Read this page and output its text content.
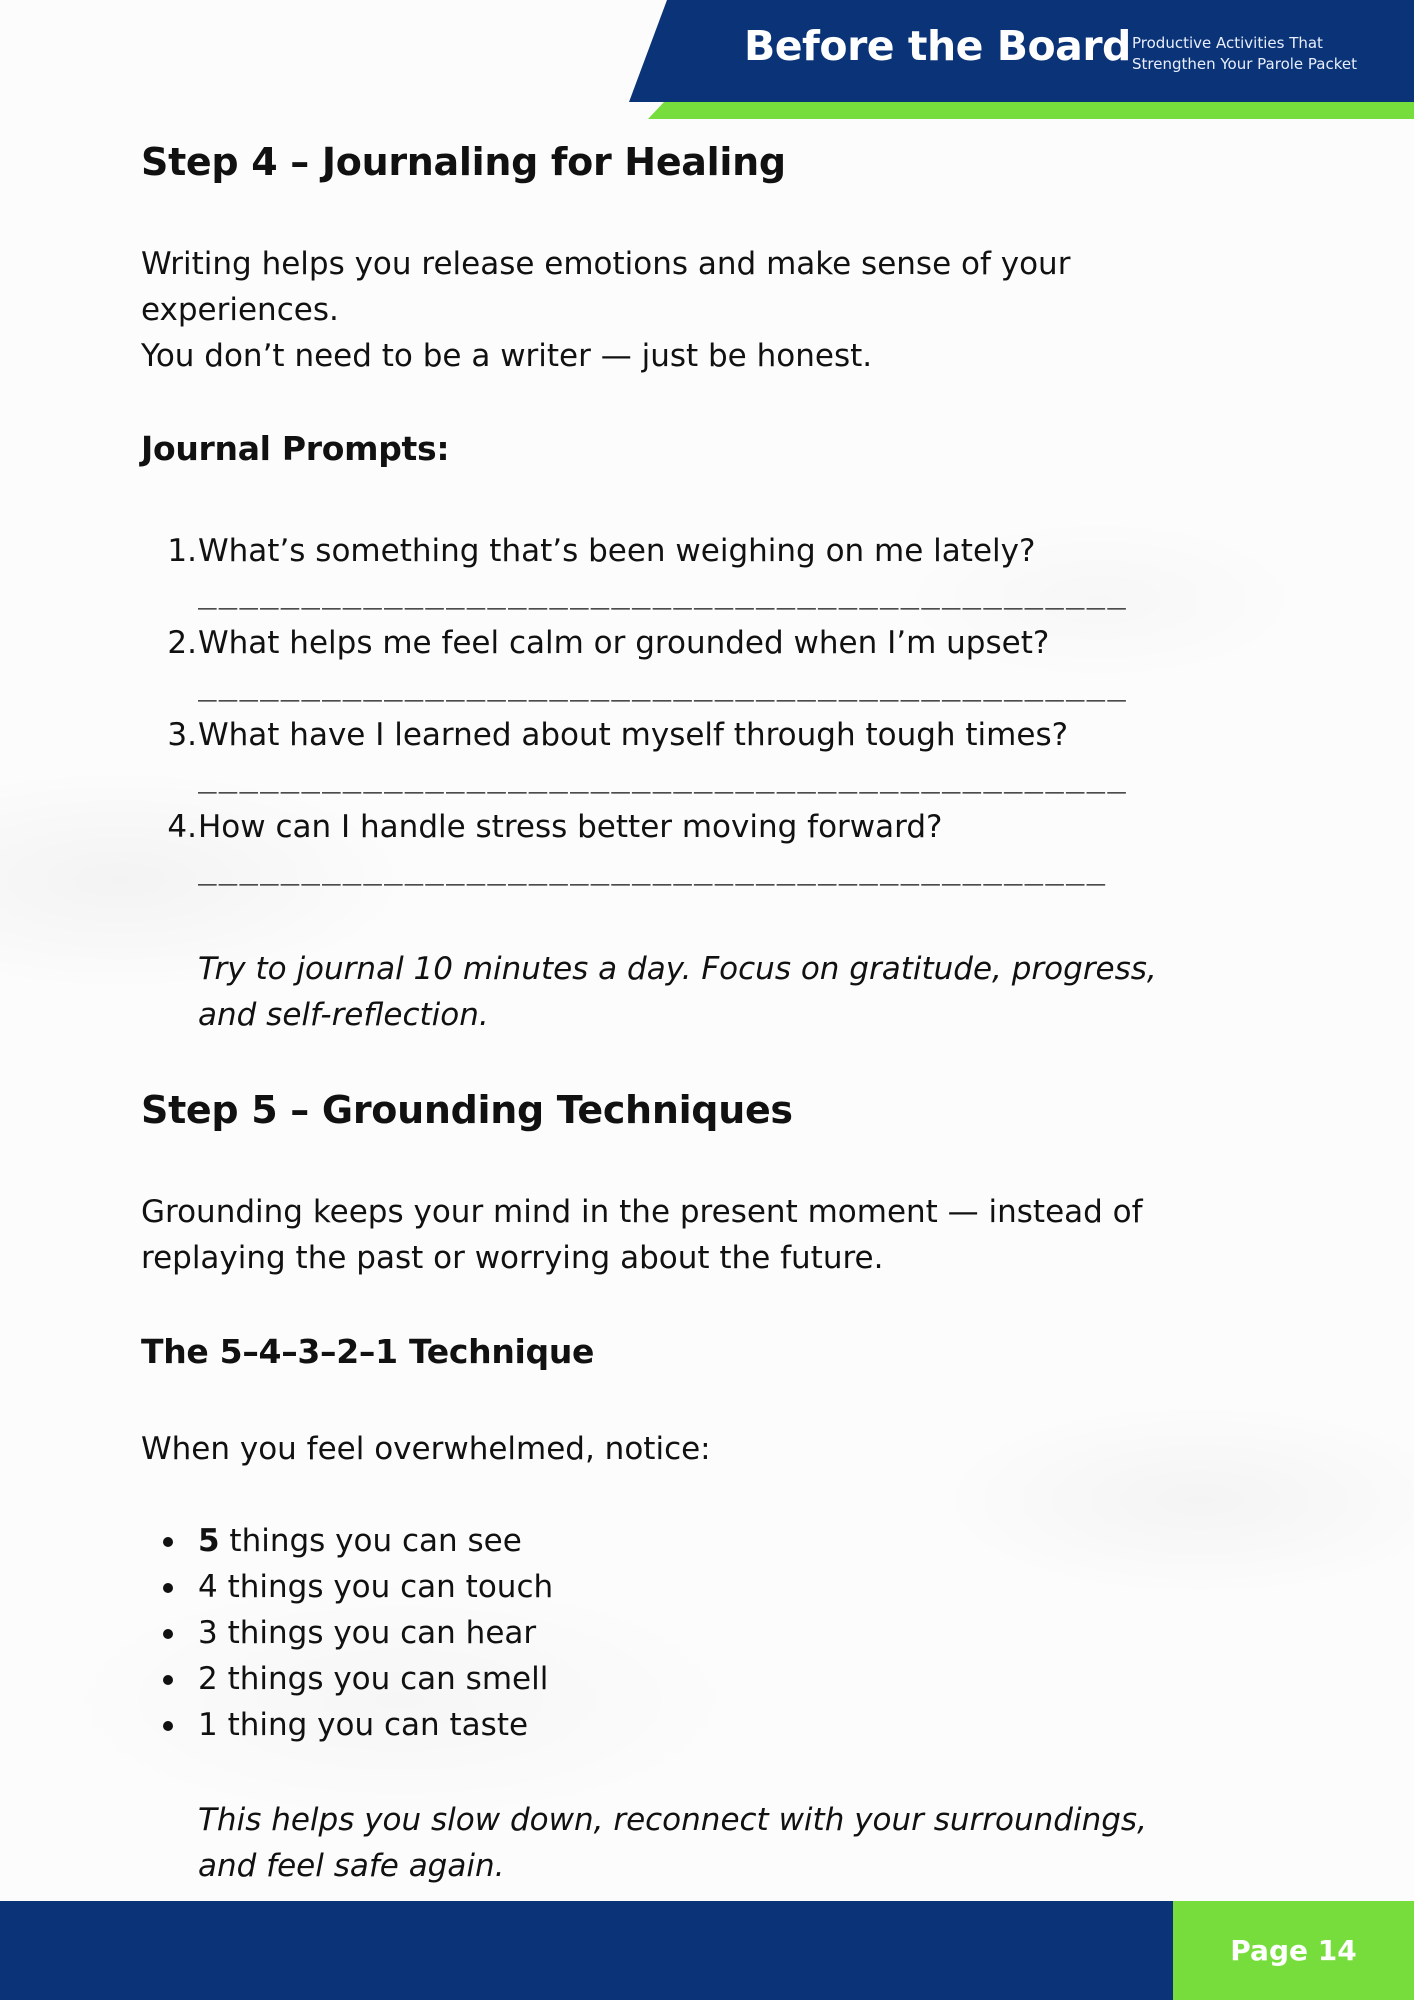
Before the Board Productive Activities That
Strengthen Your Parole Packet
Step 4 – Journaling for Healing
Writing helps you release emotions and make sense of your
experiences.
You don’t need to be a writer — just be honest.
Journal Prompts:
1. What’s something that’s been weighing on me lately?
_____________________________________________
2. What helps me feel calm or grounded when I’m upset?
_____________________________________________
3. What have I learned about myself through tough times?
_____________________________________________
4. How can I handle stress better moving forward?
____________________________________________
Try to journal 10 minutes a day. Focus on gratitude, progress,
and self-reflection.
Step 5 – Grounding Techniques
Grounding keeps your mind in the present moment — instead of
replaying the past or worrying about the future.
The 5–4–3–2–1 Technique
When you feel overwhelmed, notice:
5 things you can see
4 things you can touch
3 things you can hear
2 things you can smell
1 thing you can taste
This helps you slow down, reconnect with your surroundings,
and feel safe again.
Page 14
